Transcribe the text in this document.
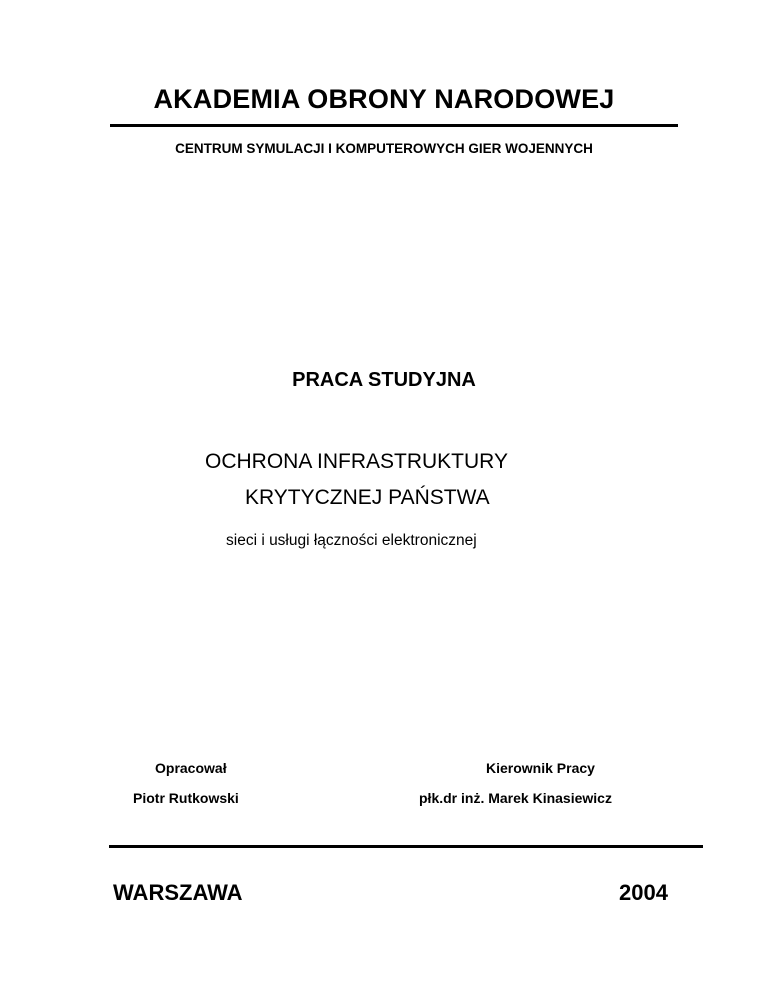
AKADEMIA OBRONY NARODOWEJ
CENTRUM SYMULACJI I KOMPUTEROWYCH GIER WOJENNYCH
PRACA STUDYJNA
OCHRONA INFRASTRUKTURY
KRYTYCZNEJ PAŃSTWA
sieci i usługi łączności elektronicznej
Opracował	Kierownik Pracy
Piotr Rutkowski	płk.dr inż. Marek Kinasiewicz
WARSZAWA	2004
